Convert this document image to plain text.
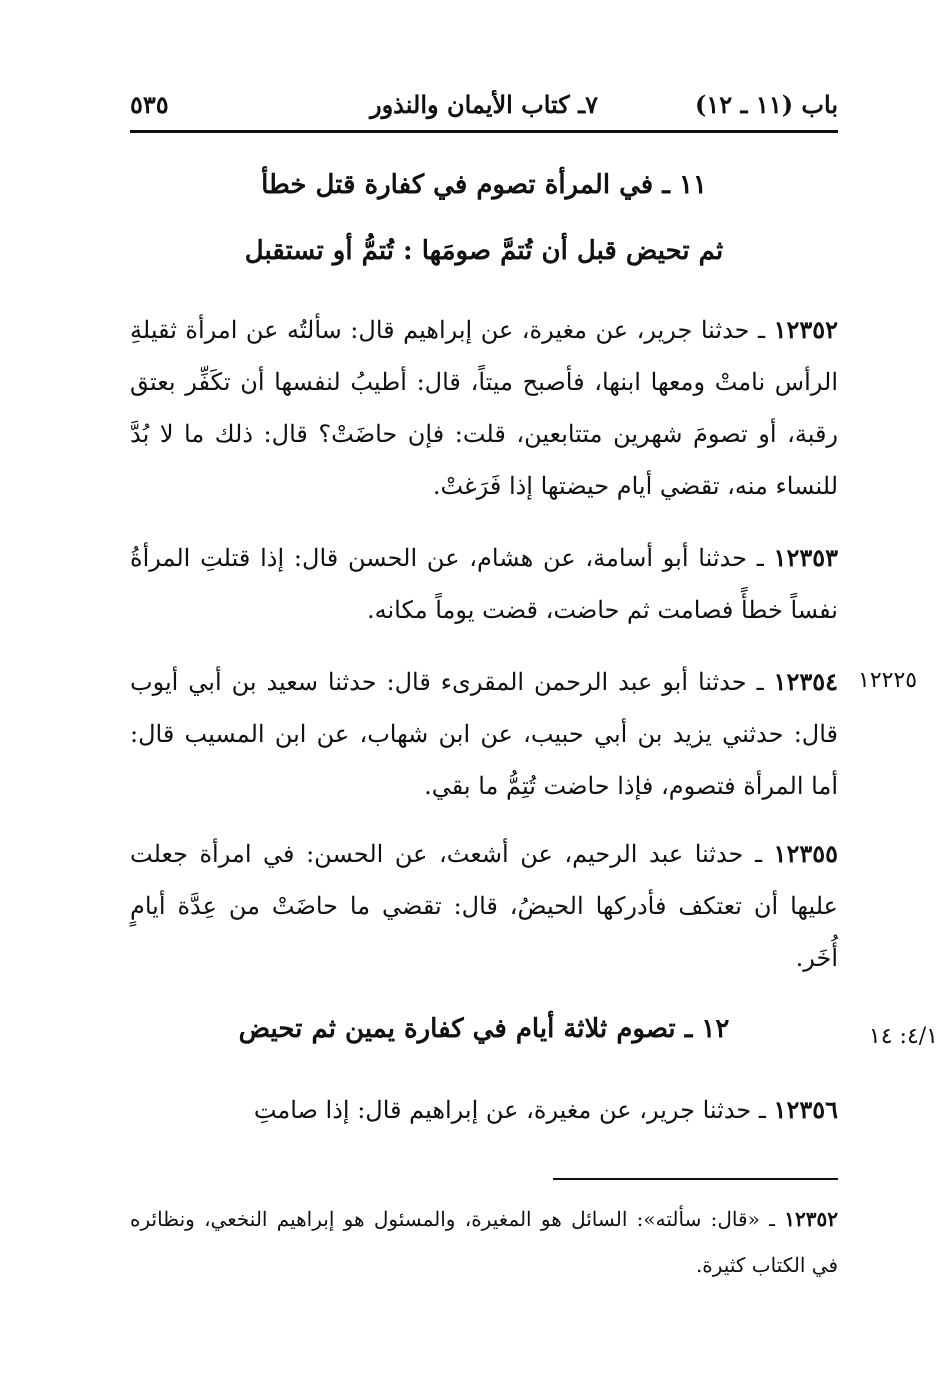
باب (١١ ـ ١٢)
٧ـ كتاب الأيمان والنذور
٥٣٥
١١ ـ في المرأة تصوم في كفارة قتل خطأ
ثم تحيض قبل أن تُتمَّ صومَها : تُتمُّ أو تستقبل
١٢٣٥٢ ـ حدثنا جرير، عن مغيرة، عن إبراهيم قال: سألتُه عن امرأة ثقيلةِ الرأس نامتْ ومعها ابنها، فأصبح ميتاً، قال: أطيبُ لنفسها أن تكَفِّر بعتق رقبة، أو تصومَ شهرين متتابعين، قلت: فإن حاضَتْ؟ قال: ذلك ما لا بُدَّ للنساء منه، تقضي أيام حيضتها إذا فَرَغتْ.
١٢٣٥٣ ـ حدثنا أبو أسامة، عن هشام، عن الحسن قال: إذا قتلتِ المرأةُ نفساً خطأً فصامت ثم حاضت، قضت يوماً مكانه.
١٢٢٢٥
١٢٣٥٤ ـ حدثنا أبو عبد الرحمن المقرىء قال: حدثنا سعيد بن أبي أيوب قال: حدثني يزيد بن أبي حبيب، عن ابن شهاب، عن ابن المسيب قال: أما المرأة فتصوم، فإذا حاضت تُتِمُّ ما بقي.
١٢٣٥٥ ـ حدثنا عبد الرحيم، عن أشعث، عن الحسن: في امرأة جعلت عليها أن تعتكف فأدركها الحيضُ، قال: تقضي ما حاضَتْ من عِدَّة أيامٍ أُخَر.
٤/١: ١٤
١٢ ـ تصوم ثلاثة أيام في كفارة يمين ثم تحيض
١٢٣٥٦ ـ حدثنا جرير، عن مغيرة، عن إبراهيم قال: إذا صامتِ
١٢٣٥٢ ـ «قال: سألته»: السائل هو المغيرة، والمسئول هو إبراهيم النخعي، ونظائره في الكتاب كثيرة.
